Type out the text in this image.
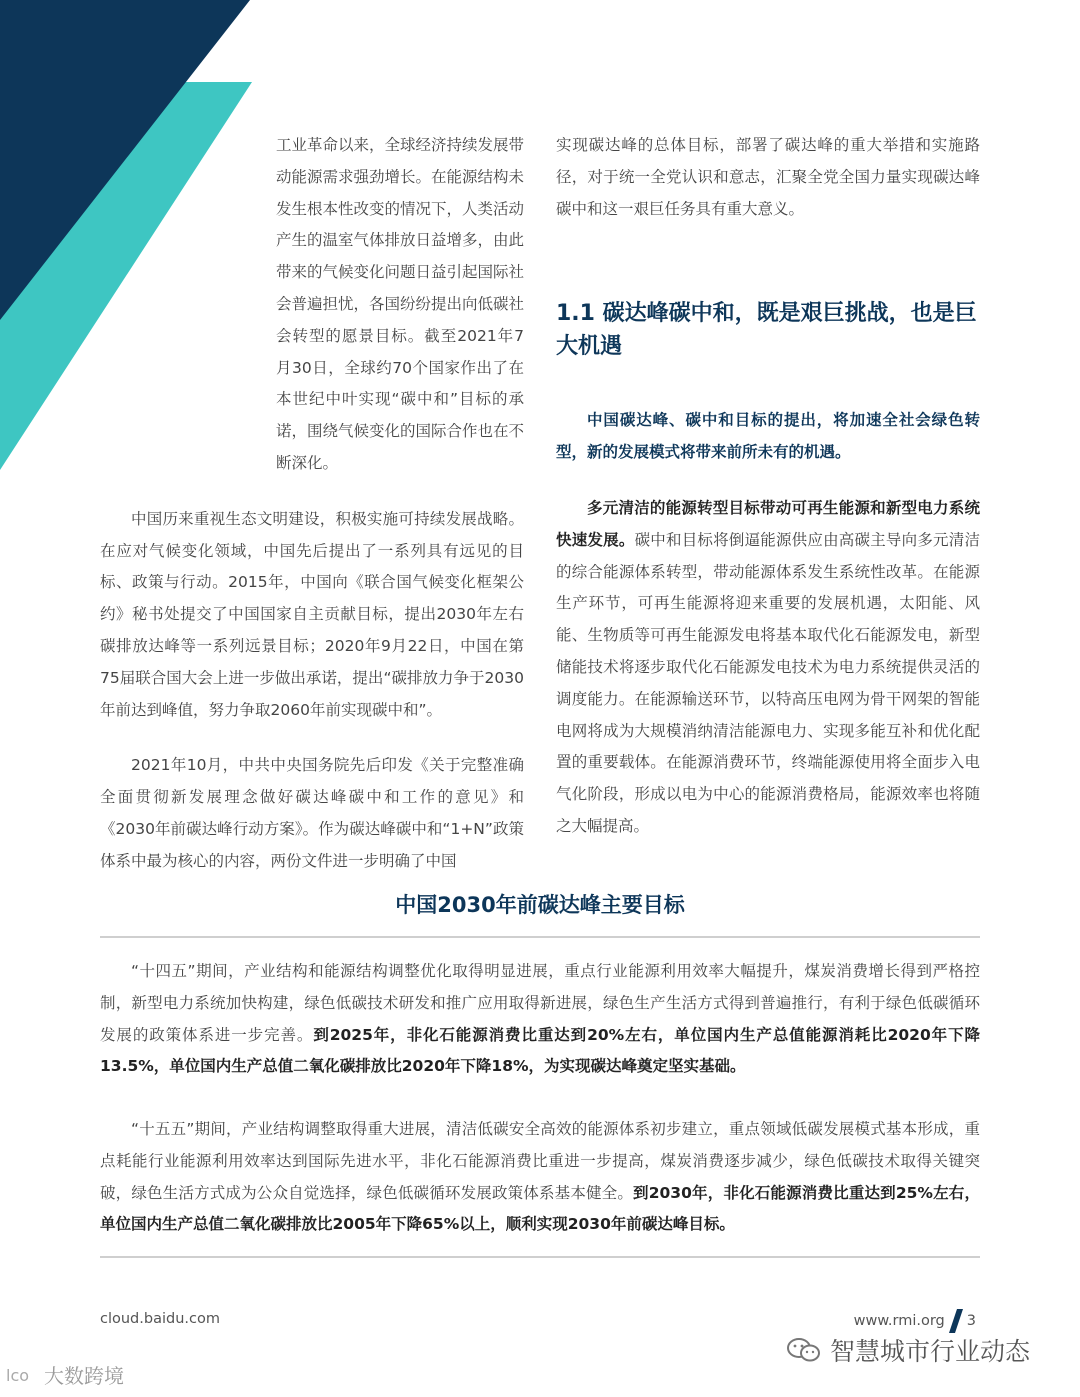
工业革命以来，全球经济持续发展带动能源需求强劲增长。在能源结构未发生根本性改变的情况下，人类活动产生的温室气体排放日益增多，由此带来的气候变化问题日益引起国际社会普遍担忧，各国纷纷提出向低碳社会转型的愿景目标。截至2021年7月30日，全球约70个国家作出了在本世纪中叶实现“碳中和”目标的承诺，围绕气候变化的国际合作也在不断深化。

中国历来重视生态文明建设，积极实施可持续发展战略。在应对气候变化领域，中国先后提出了一系列具有远见的目标、政策与行动。2015年，中国向《联合国气候变化框架公约》秘书处提交了中国国家自主贡献目标，提出2030年左右碳排放达峰等一系列远景目标；2020年9月22日，中国在第75届联合国大会上进一步做出承诺，提出“碳排放力争于2030年前达到峰值，努力争取2060年前实现碳中和”。

2021年10月，中共中央国务院先后印发《关于完整准确全面贯彻新发展理念做好碳达峰碳中和工作的意见》和《2030年前碳达峰行动方案》。作为碳达峰碳中和“1+N”政策体系中最为核心的内容，两份文件进一步明确了中国

实现碳达峰的总体目标，部署了碳达峰的重大举措和实施路径，对于统一全党认识和意志，汇聚全党全国力量实现碳达峰碳中和这一艰巨任务具有重大意义。

1.1 碳达峰碳中和，既是艰巨挑战，也是巨大机遇

中国碳达峰、碳中和目标的提出，将加速全社会绿色转型，新的发展模式将带来前所未有的机遇。

多元清洁的能源转型目标带动可再生能源和新型电力系统快速发展。碳中和目标将倒逼能源供应由高碳主导向多元清洁的综合能源体系转型，带动能源体系发生系统性改革。在能源生产环节，可再生能源将迎来重要的发展机遇，太阳能、风能、生物质等可再生能源发电将基本取代化石能源发电，新型储能技术将逐步取代化石能源发电技术为电力系统提供灵活的调度能力。在能源输送环节，以特高压电网为骨干网架的智能电网将成为大规模消纳清洁能源电力、实现多能互补和优化配置的重要载体。在能源消费环节，终端能源使用将全面步入电气化阶段，形成以电为中心的能源消费格局，能源效率也将随之大幅提高。

中国2030年前碳达峰主要目标

“十四五”期间，产业结构和能源结构调整优化取得明显进展，重点行业能源利用效率大幅提升，煤炭消费增长得到严格控制，新型电力系统加快构建，绿色低碳技术研发和推广应用取得新进展，绿色生产生活方式得到普遍推行，有利于绿色低碳循环发展的政策体系进一步完善。到2025年，非化石能源消费比重达到20%左右，单位国内生产总值能源消耗比2020年下降13.5%，单位国内生产总值二氧化碳排放比2020年下降18%，为实现碳达峰奠定坚实基础。

“十五五”期间，产业结构调整取得重大进展，清洁低碳安全高效的能源体系初步建立，重点领域低碳发展模式基本形成，重点耗能行业能源利用效率达到国际先进水平，非化石能源消费比重进一步提高，煤炭消费逐步减少，绿色低碳技术取得关键突破，绿色生活方式成为公众自觉选择，绿色低碳循环发展政策体系基本健全。到2030年，非化石能源消费比重达到25%左右，单位国内生产总值二氧化碳排放比2005年下降65%以上，顺利实现2030年前碳达峰目标。

cloud.baidu.com	www.rmi.org 3
智慧城市行业动态
lco 大数跨境
